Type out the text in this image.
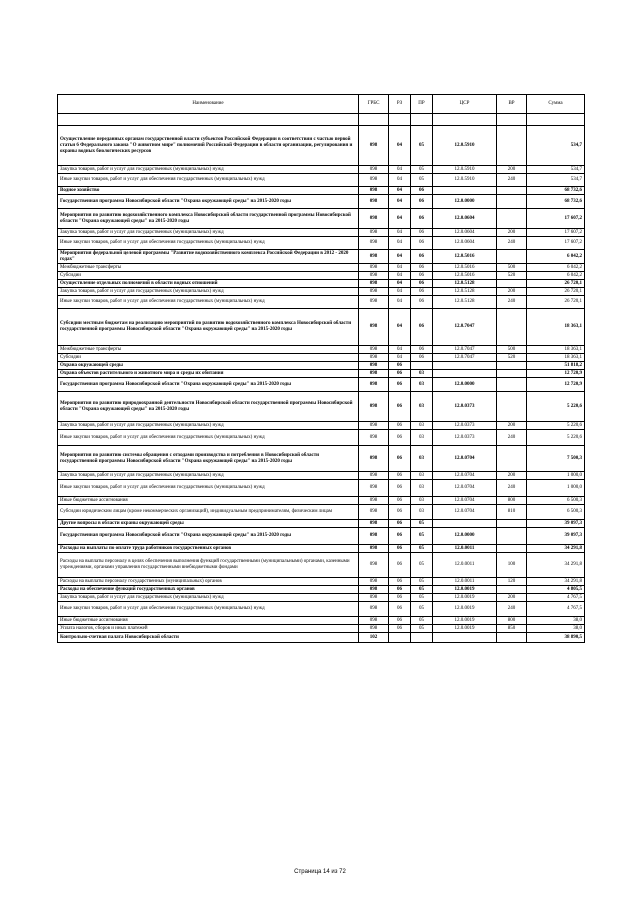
Наименование	ГРБС	РЗ	ПР	ЦСР	ВР	Сумма

Осуществление переданных органам государственной власти субъектов Российской Федерации в соответствии с частью первой статьи 6 Федерального закона "О животном мире" полномочий Российской Федерации в области организации, регулирования и охраны водных биологических ресурсов	098	04	05	12.0.5910		534,7
Закупка товаров, работ и услуг для государственных (муниципальных) нужд	098	04	05	12.0.5910	200	534,7
Иные закупки товаров, работ и услуг для обеспечения государственных (муниципальных) нужд	098	04	05	12.0.5910	240	534,7
Водное хозяйство	098	04	06			68 732,6
Государственная программа Новосибирской области "Охрана окружающей среды" на 2015-2020 годы	098	04	06	12.0.0000		68 732,6
Мероприятия по развитию водохозяйственного комплекса Новосибирской области государственной программы Новосибирской области "Охрана окружающей среды" на 2015-2020 годы	098	04	06	12.0.0604		17 607,2
Закупка товаров, работ и услуг для государственных (муниципальных) нужд	098	04	06	12.0.0604	200	17 607,2
Иные закупки товаров, работ и услуг для обеспечения государственных (муниципальных) нужд	098	04	06	12.0.0604	240	17 607,2
Мероприятия федеральной целевой программы "Развитие водохозяйственного комплекса Российской Федерации в 2012 - 2020 годах"	098	04	06	12.0.5016		6 042,2
Межбюджетные трансферты	098	04	06	12.0.5016	500	6 042,2
Субсидии	098	04	06	12.0.5016	520	6 042,2
Осуществление отдельных полномочий в области водных отношений	098	04	06	12.0.5128		26 720,1
Закупка товаров, работ и услуг для государственных (муниципальных) нужд	098	04	06	12.0.5128	200	26 720,1
Иные закупки товаров, работ и услуг для обеспечения государственных (муниципальных) нужд	098	04	06	12.0.5128	240	26 720,1
Субсидии местным бюджетам на реализацию мероприятий по развитию водохозяйственного комплекса Новосибирской области государственной программы Новосибирской области "Охрана окружающей среды" на 2015-2020 годы	098	04	06	12.0.7047		18 363,1
Межбюджетные трансферты	098	04	06	12.0.7047	500	18 363,1
Субсидии	098	04	06	12.0.7047	520	18 363,1
Охрана окружающей среды	098	06				51 818,2
Охрана объектов растительного и животного мира и среды их обитания	098	06	03			12 720,9
Государственная программа Новосибирской области "Охрана окружающей среды" на 2015-2020 годы	098	06	03	12.0.0000		12 720,9
Мероприятия по развитию природоохранной деятельности Новосибирской области государственной программы Новосибирской области "Охрана окружающей среды" на 2015-2020 годы	098	06	03	12.0.0373		5 220,6
Закупка товаров, работ и услуг для государственных (муниципальных) нужд	098	06	03	12.0.0373	200	5 220,6
Иные закупки товаров, работ и услуг для обеспечения государственных (муниципальных) нужд	098	06	03	12.0.0373	240	5 220,6
Мероприятия по развитию системы обращения с отходами производства и потребления в Новосибирской области государственной программы Новосибирской области "Охрана окружающей среды" на 2015-2020 годы	098	06	03	12.0.0704		7 500,3
Закупка товаров, работ и услуг для государственных (муниципальных) нужд	098	06	03	12.0.0704	200	1 000,0
Иные закупки товаров, работ и услуг для обеспечения государственных (муниципальных) нужд	098	06	03	12.0.0704	240	1 000,0
Иные бюджетные ассигнования	098	06	03	12.0.0704	800	6 500,3
Субсидии юридическим лицам (кроме некоммерческих организаций), индивидуальным предпринимателям, физическим лицам	098	06	03	12.0.0704	810	6 500,3
Другие вопросы в области охраны окружающей среды	098	06	05			39 097,3
Государственная программа Новосибирской области "Охрана окружающей среды" на 2015-2020 годы	098	06	05	12.0.0000		39 097,3
Расходы на выплаты по оплате труда работников государственных органов	098	06	05	12.0.0011		34 291,8
Расходы на выплаты персоналу в целях обеспечения выполнения функций государственными (муниципальными) органами, казенными учреждениями, органами управления государственными внебюджетными фондами	098	06	05	12.0.0011	100	34 291,8
Расходы на выплаты персоналу государственных (муниципальных) органов	098	06	05	12.0.0011	120	34 291,8
Расходы на обеспечение функций государственных органов	098	06	05	12.0.0019		4 805,5
Закупка товаров, работ и услуг для государственных (муниципальных) нужд	098	06	05	12.0.0019	200	4 767,5
Иные закупки товаров, работ и услуг для обеспечения государственных (муниципальных) нужд	098	06	05	12.0.0019	240	4 767,5
Иные бюджетные ассигнования	098	06	05	12.0.0019	800	38,0
Уплата налогов, сборов и иных платежей	098	06	05	12.0.0019	850	38,0
Контрольно-счетная палата Новосибирской области	102					38 890,5
Страница 14 из 72
